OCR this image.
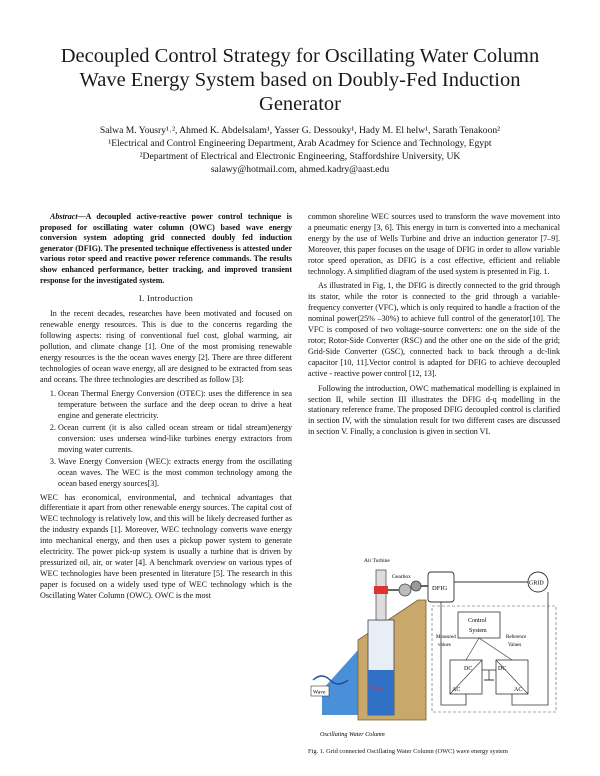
Decoupled Control Strategy for Oscillating Water Column Wave Energy System based on Doubly-Fed Induction Generator
Salwa M. Yousry¹˒², Ahmed K. Abdelsalam¹, Yasser G. Dessouky¹, Hady M. El helw¹, Sarath Tenakoon²
¹Electrical and Control Engineering Department, Arab Acadmey for Science and Technology, Egypt
²Department of Electrical and Electronic Engineering, Staffordshire University, UK
salawy@hotmail.com, ahmed.kadry@aast.edu

Abstract—A decoupled active-reactive power control technique is proposed for oscillating water column (OWC) based wave energy conversion system adopting grid connected doubly fed induction generator (DFIG). The presented technique effectiveness is attested under various rotor speed and reactive power reference commands. The results show enhanced performance, better tracking, and improved transient response for the investigated system.

I. Introduction

In the recent decades, researches have been motivated and focused on renewable energy resources. This is due to the concerns regarding the following aspects: rising of conventional fuel cost, global warming, air pollution, and climate change [1]. One of the most promising renewable energy resources is the the ocean waves energy [2]. There are three different technologies of ocean wave energy, all are designed to be extracted from seas and oceans. The three technologies are described as follow [3]:

1. Ocean Thermal Energy Conversion (OTEC): uses the difference in sea temperature between the surface and the deep ocean to drive a heat engine and generate electricity.
2. Ocean current (it is also called ocean stream or tidal stream)energy conversion: uses undersea wind-like turbines energy extractors from moving water currents.
3. Wave Energy Conversion (WEC): extracts energy from the oscillating ocean waves. The WEC is the most common technology among the ocean based energy sources[3].

WEC has economical, environmental, and technical advantages that differentiate it apart from other renewable energy sources. The capital cost of WEC technology is relatively low, and this will be likely decreased further as the industry expands [1]. Moreover, WEC technology converts wave energy into mechanical energy, and then uses a pickup power system to generate electricity. The power pick-up system is usually a turbine that is driven by pressurized oil, air, or water [4]. A benchmark overview on various types of WEC technologies have been presented in literature [5]. The research in this paper is focused on a widely used type of WEC technology which is the Oscillating Water Column (OWC). OWC is the most

common shoreline WEC sources used to transform the wave movement into a pneumatic energy [3, 6]. This energy in turn is converted into a mechanical energy by the use of Wells Turbine and drive an induction generator [7–9]. Moreover, this paper focuses on the usage of DFIG in order to allow variable rotor speed operation, as DFIG is a cost effective, efficient and reliable technology. A simplified diagram of the used system is presented in Fig. 1.

As illustrated in Fig, 1, the DFIG is directly connected to the grid through its stator, while the rotor is connected to the grid through a variable-frequency converter (VFC), which is only required to handle a fraction of the nominal power(25% –30%) to achieve full control of the generator[10]. The VFC is composed of two voltage-source converters: one on the side of the rotor; Rotor-Side Converter (RSC) and the other one on the side of the grid; Grid-Side Converter (GSC), connected back to back through a dc-link capacitor [10, 11].Vector control is adapted for DFIG to achieve decoupled active - reactive power control [12, 13].

Following the introduction, OWC mathematical modelling is explained in section II, while section III illustrates the DFIG d-q modelling in the stationary reference frame. The proposed DFIG decoupled control is clarified in section IV, with the simulation result for two different cases are discussed in section V. Finally, a conclusion is given in section VI.

Water
Wave
Oscillating Water Column
Air Turbine
Gearbox
DFIG
GRID
Control
System
Measured
values
Reference
Values
DC
AC
DC
AC
Fig. 1. Grid connected Oscillating Water Column (OWC) wave energy system
